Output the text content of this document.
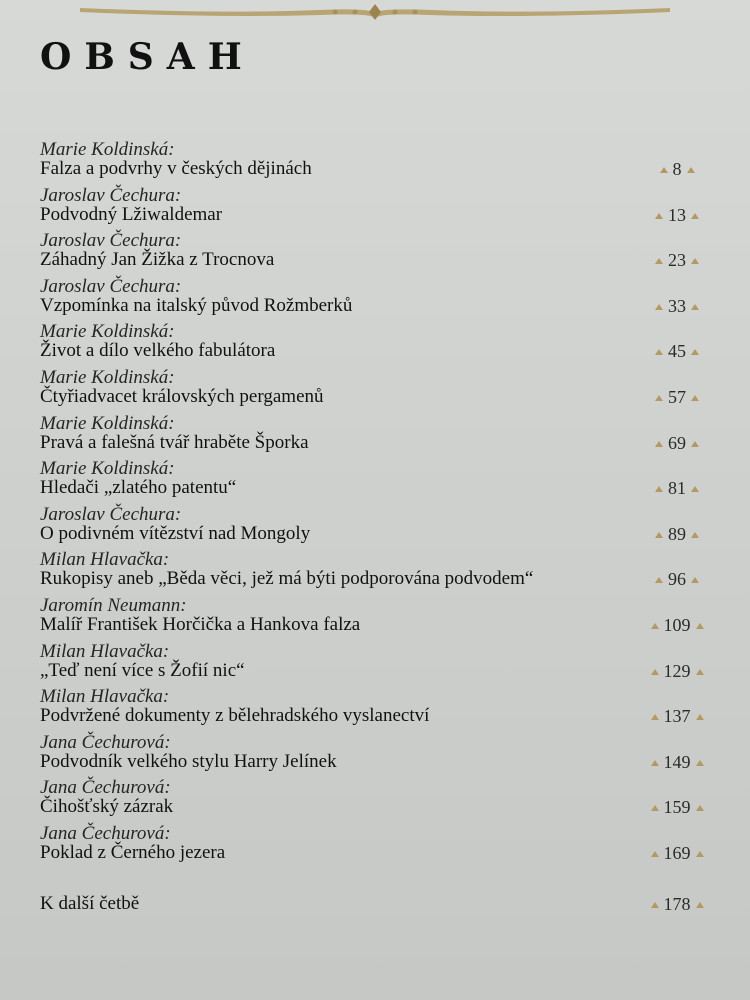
OBSAH
Marie Koldinská:
Falza a podvrhy v českých dějinách	8
Jaroslav Čechura:
Podvodný Lžiwaldemar	13
Jaroslav Čechura:
Záhadný Jan Žižka z Trocnova	23
Jaroslav Čechura:
Vzpomínka na italský původ Rožmberků	33
Marie Koldinská:
Život a dílo velkého fabulátora	45
Marie Koldinská:
Čtyřiadvacet královských pergamenů	57
Marie Koldinská:
Pravá a falešná tvář hraběte Šporka	69
Marie Koldinská:
Hledači „zlatého patentu“	81
Jaroslav Čechura:
O podivném vítězství nad Mongoly	89
Milan Hlavačka:
Rukopisy aneb „Běda věci, jež má býti podporována podvodem“	96
Jaromín Neumann:
Malíř František Horčička a Hankova falza	109
Milan Hlavačka:
„Teď není více s Žofií nic“	129
Milan Hlavačka:
Podvržené dokumenty z bělehradského vyslanectví	137
Jana Čechurová:
Podvodník velkého stylu Harry Jelínek	149
Jana Čechurová:
Čihošťský zázrak	159
Jana Čechurová:
Poklad z Černého jezera	169
K další četbě	178
